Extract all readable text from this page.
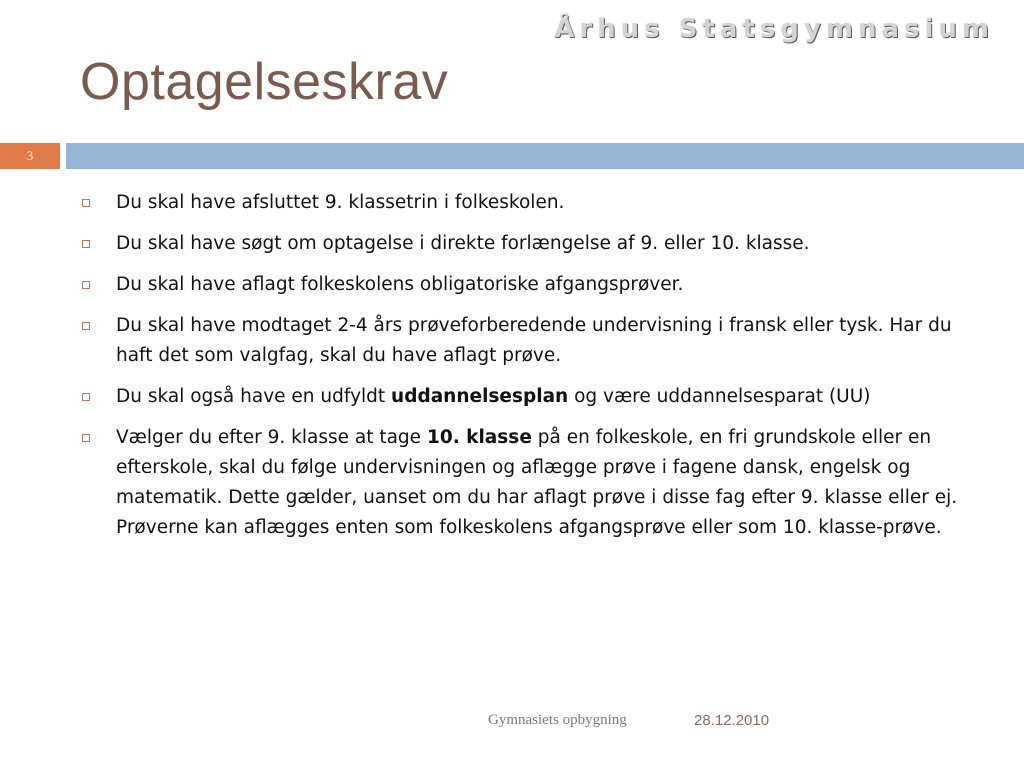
Århus Statsgymnasium
Optagelseskrav
3
Du skal have afsluttet 9. klassetrin i folkeskolen.
Du skal have søgt om optagelse i direkte forlængelse af 9. eller 10. klasse.
Du skal have aflagt folkeskolens obligatoriske afgangsprøver.
Du skal have modtaget 2-4 års prøveforberedende undervisning i fransk eller tysk. Har du haft det som valgfag, skal du have aflagt prøve.
Du skal også have en udfyldt uddannelsesplan og være uddannelsesparat (UU)
Vælger du efter 9. klasse at tage 10. klasse på en folkeskole, en fri grundskole eller en efterskole, skal du følge undervisningen og aflægge prøve i fagene dansk, engelsk og matematik. Dette gælder, uanset om du har aflagt prøve i disse fag efter 9. klasse eller ej. Prøverne kan aflægges enten som folkeskolens afgangsprøve eller som 10. klasse-prøve.
Gymnasiets opbygning	28.12.2010
